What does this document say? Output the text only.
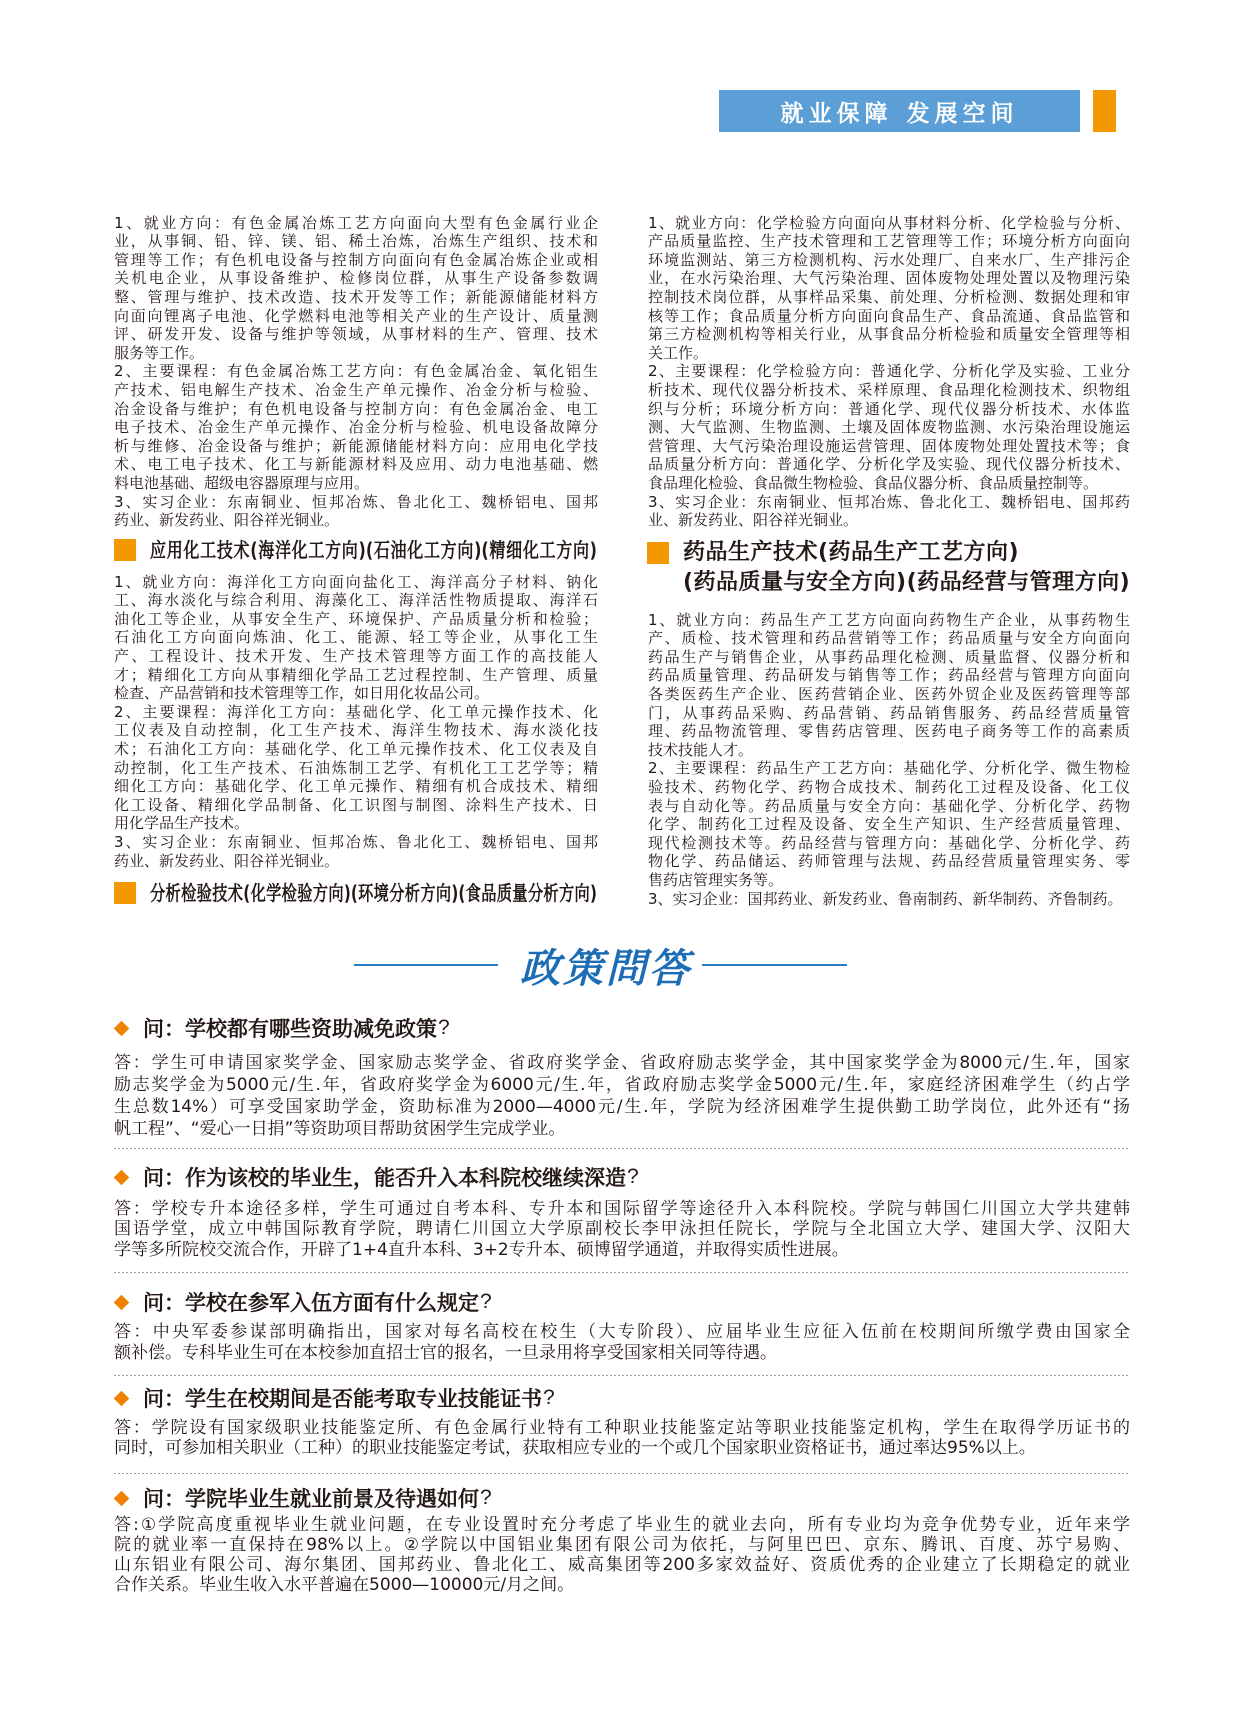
就业保障 发展空间
1、就业方向：有色金属冶炼工艺方向面向大型有色金属行业企
业，从事铜、铅、锌、镁、铝、稀土冶炼，冶炼生产组织、技术和
管理等工作；有色机电设备与控制方向面向有色金属冶炼企业或相
关机电企业，从事设备维护、检修岗位群，从事生产设备参数调
整、管理与维护、技术改造、技术开发等工作；新能源储能材料方
向面向锂离子电池、化学燃料电池等相关产业的生产设计、质量测
评、研发开发、设备与维护等领域，从事材料的生产、管理、技术
服务等工作。
2、主要课程：有色金属冶炼工艺方向：有色金属冶金、氧化铝生
产技术、铝电解生产技术、冶金生产单元操作、冶金分析与检验、
冶金设备与维护；有色机电设备与控制方向：有色金属冶金、电工
电子技术、冶金生产单元操作、冶金分析与检验、机电设备故障分
析与维修、冶金设备与维护；新能源储能材料方向：应用电化学技
术、电工电子技术、化工与新能源材料及应用、动力电池基础、燃
料电池基础、超级电容器原理与应用。
3、实习企业：东南铜业、恒邦冶炼、鲁北化工、魏桥铝电、国邦
药业、新发药业、阳谷祥光铜业。
应用化工技术(海洋化工方向)(石油化工方向)(精细化工方向)
1、就业方向：海洋化工方向面向盐化工、海洋高分子材料、钠化
工、海水淡化与综合利用、海藻化工、海洋活性物质提取、海洋石
油化工等企业，从事安全生产、环境保护、产品质量分析和检验；
石油化工方向面向炼油、化工、能源、轻工等企业，从事化工生
产、工程设计、技术开发、生产技术管理等方面工作的高技能人
才；精细化工方向从事精细化学品工艺过程控制、生产管理、质量
检查、产品营销和技术管理等工作，如日用化妆品公司。
2、主要课程：海洋化工方向：基础化学、化工单元操作技术、化
工仪表及自动控制，化工生产技术、海洋生物技术、海水淡化技
术；石油化工方向：基础化学、化工单元操作技术、化工仪表及自
动控制，化工生产技术、石油炼制工艺学、有机化工工艺学等；精
细化工方向：基础化学、化工单元操作、精细有机合成技术、精细
化工设备、精细化学品制备、化工识图与制图、涂料生产技术、日
用化学品生产技术。
3、实习企业：东南铜业、恒邦冶炼、鲁北化工、魏桥铝电、国邦
药业、新发药业、阳谷祥光铜业。
分析检验技术(化学检验方向)(环境分析方向)(食品质量分析方向)
1、就业方向：化学检验方向面向从事材料分析、化学检验与分析、
产品质量监控、生产技术管理和工艺管理等工作；环境分析方向面向
环境监测站、第三方检测机构、污水处理厂、自来水厂、生产排污企
业，在水污染治理、大气污染治理、固体废物处理处置以及物理污染
控制技术岗位群，从事样品采集、前处理、分析检测、数据处理和审
核等工作；食品质量分析方向面向食品生产、食品流通、食品监管和
第三方检测机构等相关行业，从事食品分析检验和质量安全管理等相
关工作。
2、主要课程：化学检验方向：普通化学、分析化学及实验、工业分
析技术、现代仪器分析技术、采样原理、食品理化检测技术、织物组
织与分析；环境分析方向：普通化学、现代仪器分析技术、水体监
测、大气监测、生物监测、土壤及固体废物监测、水污染治理设施运
营管理、大气污染治理设施运营管理、固体废物处理处置技术等；食
品质量分析方向：普通化学、分析化学及实验、现代仪器分析技术、
食品理化检验、食品微生物检验、食品仪器分析、食品质量控制等。
3、实习企业：东南铜业、恒邦冶炼、鲁北化工、魏桥铝电、国邦药
业、新发药业、阳谷祥光铜业。
药品生产技术(药品生产工艺方向)
(药品质量与安全方向)(药品经营与管理方向)
1、就业方向：药品生产工艺方向面向药物生产企业，从事药物生
产、质检、技术管理和药品营销等工作；药品质量与安全方向面向
药品生产与销售企业，从事药品理化检测、质量监督、仪器分析和
药品质量管理、药品研发与销售等工作；药品经营与管理方向面向
各类医药生产企业、医药营销企业、医药外贸企业及医药管理等部
门，从事药品采购、药品营销、药品销售服务、药品经营质量管
理、药品物流管理、零售药店管理、医药电子商务等工作的高素质
技术技能人才。
2、主要课程：药品生产工艺方向：基础化学、分析化学、微生物检
验技术、药物化学、药物合成技术、制药化工过程及设备、化工仪
表与自动化等。药品质量与安全方向：基础化学、分析化学、药物
化学、制药化工过程及设备、安全生产知识、生产经营质量管理、
现代检测技术等。药品经营与管理方向：基础化学、分析化学、药
物化学、药品储运、药师管理与法规、药品经营质量管理实务、零
售药店管理实务等。
3、实习企业：国邦药业、新发药业、鲁南制药、新华制药、齐鲁制药。
政策問答
问：学校都有哪些资助减免政策 ?
答：学生可申请国家奖学金、国家励志奖学金、省政府奖学金、省政府励志奖学金，其中国家奖学金为8000元/生.年，国家
励志奖学金为5000元/生.年，省政府奖学金为6000元/生.年，省政府励志奖学金5000元/生.年，家庭经济困难学生（约占学
生总数14%）可享受国家助学金，资助标准为2000—4000元/生.年，学院为经济困难学生提供勤工助学岗位，此外还有“扬
帆工程”、“爱心一日捐”等资助项目帮助贫困学生完成学业。
问：作为该校的毕业生，能否升入本科院校继续深造 ?
答：学校专升本途径多样，学生可通过自考本科、专升本和国际留学等途径升入本科院校。学院与韩国仁川国立大学共建韩
国语学堂，成立中韩国际教育学院，聘请仁川国立大学原副校长李甲泳担任院长，学院与全北国立大学、建国大学、汉阳大
学等多所院校交流合作，开辟了1+4直升本科、3+2专升本、硕博留学通道，并取得实质性进展。
问：学校在参军入伍方面有什么规定 ?
答：中央军委参谋部明确指出，国家对每名高校在校生（大专阶段）、应届毕业生应征入伍前在校期间所缴学费由国家全
额补偿。专科毕业生可在本校参加直招士官的报名，一旦录用将享受国家相关同等待遇。
问：学生在校期间是否能考取专业技能证书 ?
答：学院设有国家级职业技能鉴定所、有色金属行业特有工种职业技能鉴定站等职业技能鉴定机构，学生在取得学历证书的
同时，可参加相关职业（工种）的职业技能鉴定考试，获取相应专业的一个或几个国家职业资格证书，通过率达95%以上。
问：学院毕业生就业前景及待遇如何 ?
答:①学院高度重视毕业生就业问题，在专业设置时充分考虑了毕业生的就业去向，所有专业均为竞争优势专业，近年来学
院的就业率一直保持在98%以上。②学院以中国铝业集团有限公司为依托，与阿里巴巴、京东、腾讯、百度、苏宁易购、
山东铝业有限公司、海尔集团、国邦药业、鲁北化工、威高集团等200多家效益好、资质优秀的企业建立了长期稳定的就业
合作关系。毕业生收入水平普遍在5000—10000元/月之间。
